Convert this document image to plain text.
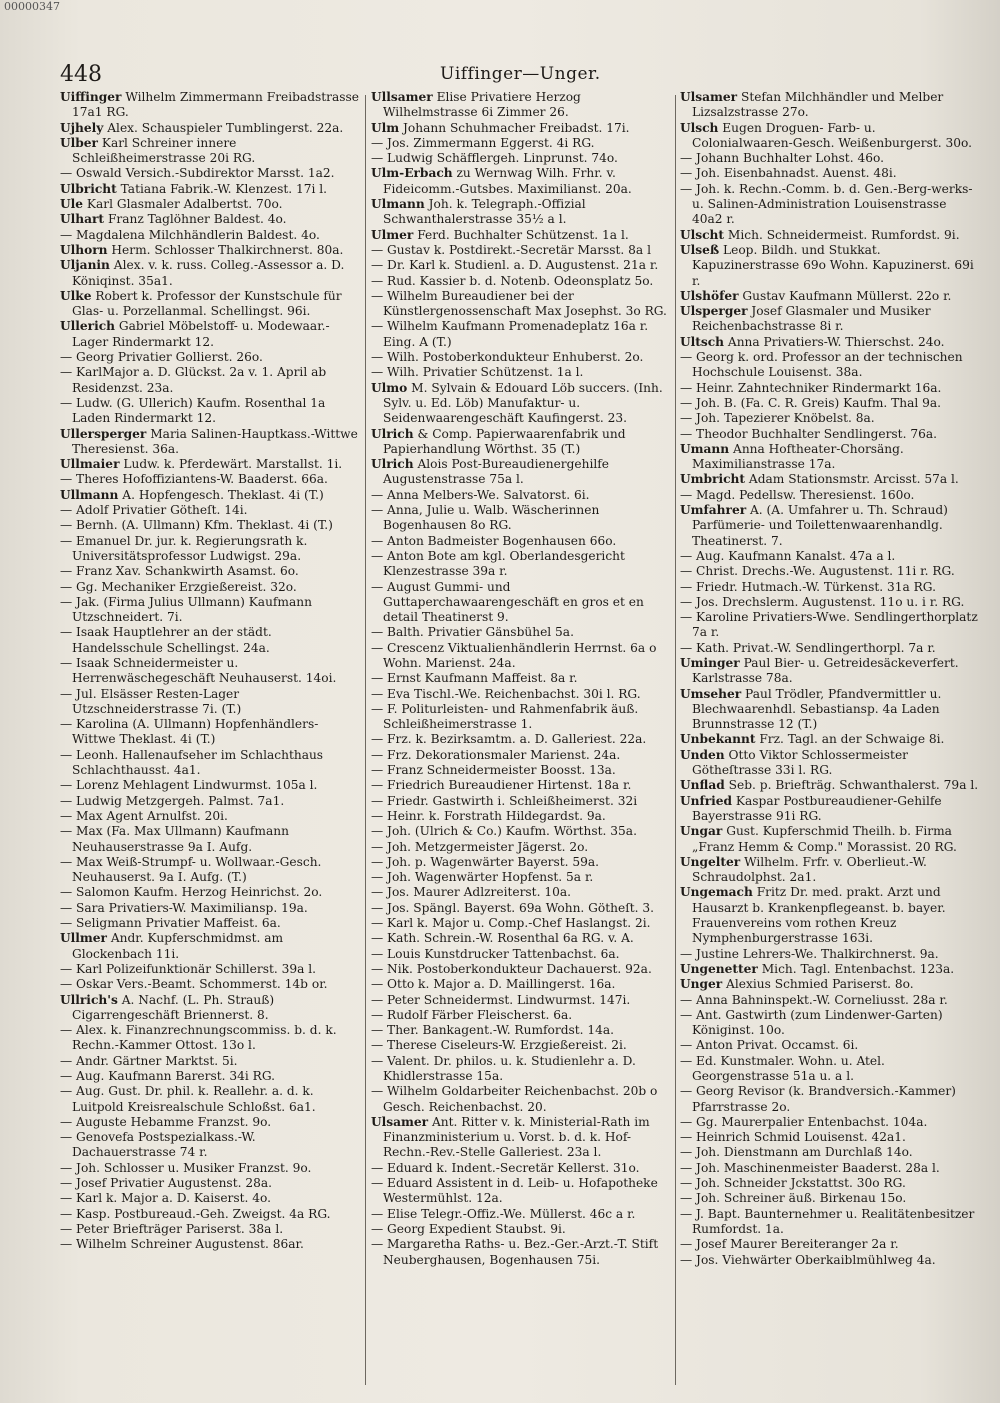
00000347
448	Uiffinger—Unger.

Uiffinger Wilhelm Zimmermann Freibadstrasse 17a1 RG.

Ujhely Alex. Schauspieler Tumblingerst. 22a.

Ulber Karl Schreiner innere Schleißheimerstrasse 20i RG.

— Oswald Versich.-Subdirektor Marsst. 1a2.

Ulbricht Tatiana Fabrik.-W. Klenzest. 17i l.

Ule Karl Glasmaler Adalbertst. 70o.

Ulhart Franz Taglöhner Baldest. 4o.

— Magdalena Milchhändlerin Baldest. 4o.

Ulhorn Herm. Schlosser Thalkirchnerst. 80a.

Uljanin Alex. v. k. russ. Colleg.-Assessor a. D. Köniqinst. 35a1.

Ulke Robert k. Professor der Kunstschule für Glas- u. Porzellanmal. Schellingst. 96i.

Ullerich Gabriel Möbelstoff- u. Modewaar.-Lager Rindermarkt 12.

— Georg Privatier Gollierst. 26o.

— KarlMajor a. D. Glückst. 2a v. 1. April ab Residenzst. 23a.

— Ludw. (G. Ullerich) Kaufm. Rosenthal 1a Laden Rindermarkt 12.

Ullersperger Maria Salinen-Hauptkass.-Wittwe Theresienst. 36a.

Ullmaier Ludw. k. Pferdewärt. Marstallst. 1i.

— Theres Hofoffiziantens-W. Baaderst. 66a.

Ullmann A. Hopfengesch. Theklast. 4i (T.)

— Adolf Privatier Götheſt. 14i.

— Bernh. (A. Ullmann) Kfm. Theklast. 4i (T.)

— Emanuel Dr. jur. k. Regierungsrath k. Universitätsprofessor Ludwigst. 29a.

— Franz Xav. Schankwirth Asamst. 6o.

— Gg. Mechaniker Erzgießereist. 32o.

— Jak. (Firma Julius Ullmann) Kaufmann Utzschneidert. 7i.

— Isaak Hauptlehrer an der städt. Handelsschule Schellingst. 24a.

— Isaak Schneidermeister u. Herrenwäschegeschäft Neuhauserst. 14oi.

— Jul. Elsässer Resten-Lager Utzschneiderstrasse 7i. (T.)

— Karolina (A. Ullmann) Hopfenhändlers-Wittwe Theklast. 4i (T.)

— Leonh. Hallenaufseher im Schlachthaus Schlachthausst. 4a1.

— Lorenz Mehlagent Lindwurmst. 105a l.

— Ludwig Metzgergeh. Palmst. 7a1.

— Max Agent Arnulfst. 20i.

— Max (Fa. Max Ullmann) Kaufmann Neuhauserstrasse 9a I. Aufg.

— Max Weiß-Strumpf- u. Wollwaar.-Gesch. Neuhauserst. 9a I. Aufg. (T.)

— Salomon Kaufm. Herzog Heinrichst. 2o.

— Sara Privatiers-W. Maximiliansp. 19a.

— Seligmann Privatier Maffeist. 6a.

Ullmer Andr. Kupferschmidmst. am Glockenbach 11i.

— Karl Polizeifunktionär Schillerst. 39a l.

— Oskar Vers.-Beamt. Schommerst. 14b or.

Ullrich's A. Nachf. (L. Ph. Strauß) Cigarrengeschäft Briennerst. 8.

— Alex. k. Finanzrechnungscommiss. b. d. k. Rechn.-Kammer Ottost. 13o l.

— Andr. Gärtner Marktst. 5i.

— Aug. Kaufmann Barerst. 34i RG.

— Aug. Gust. Dr. phil. k. Reallehr. a. d. k. Luitpold Kreisrealschule Schloßst. 6a1.

— Auguste Hebamme Franzst. 9o.

— Genovefa Postspezialkass.-W. Dachauerstrasse 74 r.

— Joh. Schlosser u. Musiker Franzst. 9o.

— Josef Privatier Augustenst. 28a.

— Karl k. Major a. D. Kaiserst. 4o.

— Kasp. Postbureaud.-Geh. Zweigst. 4a RG.

— Peter Briefträger Pariserst. 38a l.

— Wilhelm Schreiner Augustenst. 86ar.

Ullsamer Elise Privatiere Herzog Wilhelmstrasse 6i Zimmer 26.

Ulm Johann Schuhmacher Freibadst. 17i.

— Jos. Zimmermann Eggerst. 4i RG.

— Ludwig Schäfflergeh. Linprunst. 74o.

Ulm-Erbach zu Wernwag Wilh. Frhr. v. Fideicomm.-Gutsbes. Maximilianst. 20a.

Ulmann Joh. k. Telegraph.-Offizial Schwanthalerstrasse 35½ a l.

Ulmer Ferd. Buchhalter Schützenst. 1a l.

— Gustav k. Postdirekt.-Secretär Marsst. 8a l

— Dr. Karl k. Studienl. a. D. Augustenst. 21a r.

— Rud. Kassier b. d. Notenb. Odeonsplatz 5o.

— Wilhelm Bureaudiener bei der Künstlergenossenschaft Max Josephst. 3o RG.

— Wilhelm Kaufmann Promenadeplatz 16a r. Eing. A (T.)

— Wilh. Postoberkondukteur Enhuberst. 2o.

— Wilh. Privatier Schützenst. 1a l.

Ulmo M. Sylvain & Edouard Löb succers. (Inh. Sylv. u. Ed. Löb) Manufaktur- u. Seidenwaarengeschäft Kaufingerst. 23.

Ulrich & Comp. Papierwaarenfabrik und Papierhandlung Wörthst. 35 (T.)

Ulrich Alois Post-Bureaudienergehilfe Augustenstrasse 75a l.

— Anna Melbers-We. Salvatorst. 6i.

— Anna, Julie u. Walb. Wäscherinnen Bogenhausen 8o RG.

— Anton Badmeister Bogenhausen 66o.

— Anton Bote am kgl. Oberlandesgericht Klenzestrasse 39a r.

— August Gummi- und Guttaperchawaarengeschäft en gros et en detail Theatinerst 9.

— Balth. Privatier Gänsbühel 5a.

— Crescenz Viktualienhändlerin Herrnst. 6a o Wohn. Marienst. 24a.

— Ernst Kaufmann Maffeist. 8a r.

— Eva Tischl.-We. Reichenbachst. 30i l. RG.

— F. Politurleisten- und Rahmenfabrik äuß. Schleißheimerstrasse 1.

— Frz. k. Bezirksamtm. a. D. Galleriest. 22a.

— Frz. Dekorationsmaler Marienst. 24a.

— Franz Schneidermeister Boosst. 13a.

— Friedrich Bureaudiener Hirtenst. 18a r.

— Friedr. Gastwirth i. Schleißheimerst. 32i

— Heinr. k. Forstrath Hildegardst. 9a.

— Joh. (Ulrich & Co.) Kaufm. Wörthst. 35a.

— Joh. Metzgermeister Jägerst. 2o.

— Joh. p. Wagenwärter Bayerst. 59a.

— Joh. Wagenwärter Hopfenst. 5a r.

— Jos. Maurer Adlzreiterst. 10a.

— Jos. Spängl. Bayerst. 69a Wohn. Götheſt. 3.

— Karl k. Major u. Comp.-Chef Haslangst. 2i.

— Kath. Schrein.-W. Rosenthal 6a RG. v. A.

— Louis Kunstdrucker Tattenbachst. 6a.

— Nik. Postoberkondukteur Dachauerst. 92a.

— Otto k. Major a. D. Maillingerst. 16a.

— Peter Schneidermst. Lindwurmst. 147i.

— Rudolf Färber Fleischerst. 6a.

— Ther. Bankagent.-W. Rumfordst. 14a.

— Therese Ciseleurs-W. Erzgießereist. 2i.

— Valent. Dr. philos. u. k. Studienlehr a. D. Khidlerstrasse 15a.

— Wilhelm Goldarbeiter Reichenbachst. 20b o Gesch. Reichenbachst. 20.

Ulsamer Ant. Ritter v. k. Ministerial-Rath im Finanzministerium u. Vorst. b. d. k. Hof-Rechn.-Rev.-Stelle Galleriest. 23a l.

— Eduard k. Indent.-Secretär Kellerst. 31o.

— Eduard Assistent in d. Leib- u. Hofapotheke Westermühlst. 12a.

— Elise Telegr.-Offiz.-We. Müllerst. 46c a r.

— Georg Expedient Staubst. 9i.

— Margaretha Raths- u. Bez.-Ger.-Arzt.-T. Stift Neuberghausen, Bogenhausen 75i.

Ulsamer Stefan Milchhändler und Melber Lizsalzstrasse 27o.

Ulsch Eugen Droguen- Farb- u. Colonialwaaren-Gesch. Weißenburgerst. 30o.

— Johann Buchhalter Lohst. 46o.

— Joh. Eisenbahnadst. Auenst. 48i.

— Joh. k. Rechn.-Comm. b. d. Gen.-Berg-werks- u. Salinen-Administration Louisenstrasse 40a2 r.

Ulscht Mich. Schneidermeist. Rumfordst. 9i.

Ulseß Leop. Bildh. und Stukkat. Kapuzinerstrasse 69o Wohn. Kapuzinerst. 69i r.

Ulshöfer Gustav Kaufmann Müllerst. 22o r.

Ulsperger Josef Glasmaler und Musiker Reichenbachstrasse 8i r.

Ultsch Anna Privatiers-W. Thierschst. 24o.

— Georg k. ord. Professor an der technischen Hochschule Louisenst. 38a.

— Heinr. Zahntechniker Rindermarkt 16a.

— Joh. B. (Fa. C. R. Greis) Kaufm. Thal 9a.

— Joh. Tapezierer Knöbelst. 8a.

— Theodor Buchhalter Sendlingerst. 76a.

Umann Anna Hoftheater-Chorsäng. Maximilianstrasse 17a.

Umbricht Adam Stationsmstr. Arcisst. 57a l.

— Magd. Pedellsw. Theresienst. 160o.

Umfahrer A. (A. Umfahrer u. Th. Schraud) Parfümerie- und Toilettenwaarenhandlg. Theatinerst. 7.

— Aug. Kaufmann Kanalst. 47a a l.

— Christ. Drechs.-We. Augustenst. 11i r. RG.

— Friedr. Hutmach.-W. Türkenst. 31a RG.

— Jos. Drechslerm. Augustenst. 11o u. i r. RG.

— Karoline Privatiers-Wwe. Sendlingerthorplatz 7a r.

— Kath. Privat.-W. Sendlingerthorpl. 7a r.

Uminger Paul Bier- u. Getreidesäckeverfert. Karlstrasse 78a.

Umseher Paul Trödler, Pfandvermittler u. Blechwaarenhdl. Sebastiansp. 4a Laden Brunnstrasse 12 (T.)

Unbekannt Frz. Tagl. an der Schwaige 8i.

Unden Otto Viktor Schlossermeister Götheſtrasse 33i l. RG.

Unflad Seb. p. Briefträg. Schwanthalerst. 79a l.

Unfried Kaspar Postbureaudiener-Gehilfe Bayerstrasse 91i RG.

Ungar Gust. Kupferschmid Theilh. b. Firma „Franz Hemm & Comp." Morassist. 20 RG.

Ungelter Wilhelm. Frfr. v. Oberlieut.-W. Schraudolphst. 2a1.

Ungemach Fritz Dr. med. prakt. Arzt und Hausarzt b. Krankenpflegeanst. b. bayer. Frauenvereins vom rothen Kreuz Nymphenburgerstrasse 163i.

— Justine Lehrers-We. Thalkirchnerst. 9a.

Ungenetter Mich. Tagl. Entenbachst. 123a.

Unger Alexius Schmied Pariserst. 8o.

— Anna Bahninspekt.-W. Corneliusst. 28a r.

— Ant. Gastwirth (zum Lindenwer-Garten) Königinst. 10o.

— Anton Privat. Occamst. 6i.

— Ed. Kunstmaler. Wohn. u. Atel. Georgenstrasse 51a u. a l.

— Georg Revisor (k. Brandversich.-Kammer) Pfarrstrasse 2o.

— Gg. Maurerpalier Entenbachst. 104a.

— Heinrich Schmid Louisenst. 42a1.

— Joh. Dienstmann am Durchlaß 14o.

— Joh. Maschinenmeister Baaderst. 28a l.

— Joh. Schneider Jckstattst. 30o RG.

— Joh. Schreiner äuß. Birkenau 15o.

— J. Bapt. Baunternehmer u. Realitätenbesitzer Rumfordst. 1a.

— Josef Maurer Bereiteranger 2a r.

— Jos. Viehwärter Oberkaiblmühlweg 4a.
